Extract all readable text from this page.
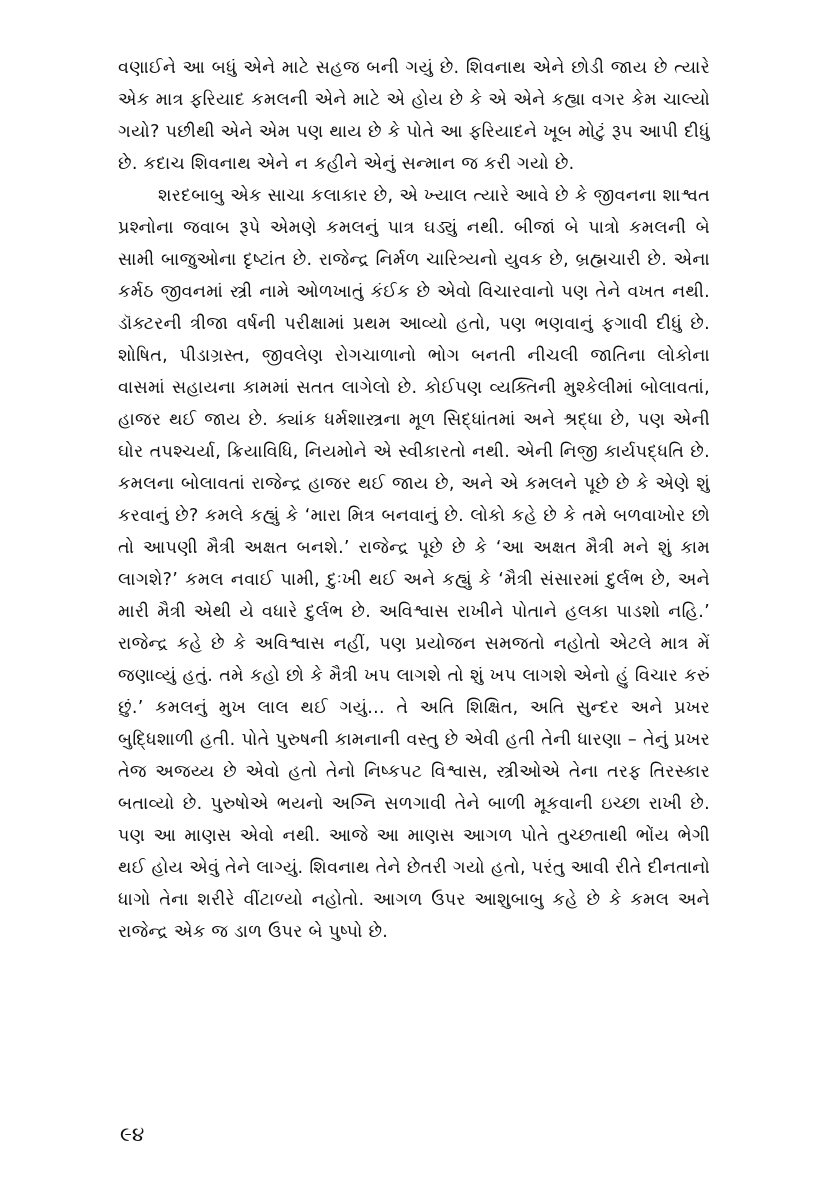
વણાઈને આ બધું એને માટે સહજ બની ગયું છે. શિવનાથ એને છોડી જાય છે ત્યારે એક માત્ર ફરિયાદ કમલની એને માટે એ હોય છે કે એ એને કહ્યા વગર કેમ ચાલ્યો ગયો? પછીથી એને એમ પણ થાય છે કે પોતે આ ફરિયાદને ખૂબ મોટું રૂપ આપી દીધું છે. કદાચ શિવનાથ એને ન કહીને એનું સન્માન જ કરી ગયો છે.

શરદબાબુ એક સાચા કલાકાર છે, એ ખ્યાલ ત્યારે આવે છે કે જીવનના શાશ્વત પ્રશ્નોના જવાબ રૂપે એમણે કમલનું પાત્ર ઘડ્યું નથી. બીજાં બે પાત્રો કમલની બે સામી બાજુઓના દૃષ્ટાંત છે. રાજેન્દ્ર નિર્મળ ચારિત્ર્યનો યુવક છે, બ્રહ્મચારી છે. એના કર્મઠ જીવનમાં સ્ત્રી નામે ઓળખાતું કંઈક છે એવો વિચારવાનો પણ તેને વખત નથી. ડૉક્ટરની ત્રીજા વર્ષની પરીક્ષામાં પ્રથમ આવ્યો હતો, પણ ભણવાનું ફગાવી દીધું છે. શોષિત, પીડાગ્રસ્ત, જીવલેણ રોગચાળાનો ભોગ બનતી નીચલી જાતિના લોકોના વાસમાં સહાયના કામમાં સતત લાગેલો છે. કોઈપણ વ્યક્તિની મુશ્કેલીમાં બોલાવતાં, હાજર થઈ જાય છે. ક્યાંક ધર્મશાસ્ત્રના મૂળ સિદ્ધાંતમાં અને શ્રદ્ધા છે, પણ એની ઘોર તપશ્ચર્યા, ક્રિયાવિધિ, નિયમોને એ સ્વીકારતો નથી. એની નિજી કાર્યપદ્ધતિ છે. કમલના બોલાવતાં રાજેન્દ્ર હાજર થઈ જાય છે, અને એ કમલને પૂછે છે કે એણે શું કરવાનું છે? કમલે કહ્યું કે ‘મારા મિત્ર બનવાનું છે. લોકો કહે છે કે તમે બળવાખોર છો તો આપણી મૈત્રી અક્ષત બનશે.’ રાજેન્દ્ર પૂછે છે કે ‘આ અક્ષત મૈત્રી મને શું કામ લાગશે?’ કમલ નવાઈ પામી, દુઃખી થઈ અને કહ્યું કે ‘મૈત્રી સંસારમાં દુર્લભ છે, અને મારી મૈત્રી એથી યે વધારે દુર્લભ છે. અવિશ્વાસ રાખીને પોતાને હલકા પાડશો નહિ.’ રાજેન્દ્ર કહે છે કે અવિશ્વાસ નહીં, પણ પ્રયોજન સમજતો નહોતો એટલે માત્ર મેં જણાવ્યું હતું. તમે કહો છો કે મૈત્રી ખપ લાગશે તો શું ખપ લાગશે એનો હું વિચાર કરું છું.’ કમલનું મુખ લાલ થઈ ગયું... તે અતિ શિક્ષિત, અતિ સુન્દર અને પ્રખર બુદ્ધિશાળી હતી. પોતે પુરુષની કામનાની વસ્તુ છે એવી હતી તેની ધારણા – તેનું પ્રખર તેજ અજય્ય છે એવો હતો તેનો નિષ્કપટ વિશ્વાસ, સ્ત્રીઓએ તેના તરફ તિરસ્કાર બતાવ્યો છે. પુરુષોએ ભયનો અગ્નિ સળગાવી તેને બાળી મૂકવાની ઇચ્છા રાખી છે. પણ આ માણસ એવો નથી. આજે આ માણસ આગળ પોતે તુચ્છતાથી ભોંય ભેગી થઈ હોય એવું તેને લાગ્યું. શિવનાથ તેને છેતરી ગયો હતો, પરંતુ આવી રીતે દીનતાનો ધાગો તેના શરીરે વીંટાળ્યો નહોતો. આગળ ઉપર આશુબાબુ કહે છે કે કમલ અને રાજેન્દ્ર એક જ ડાળ ઉપર બે પુષ્પો છે.

૯૪
